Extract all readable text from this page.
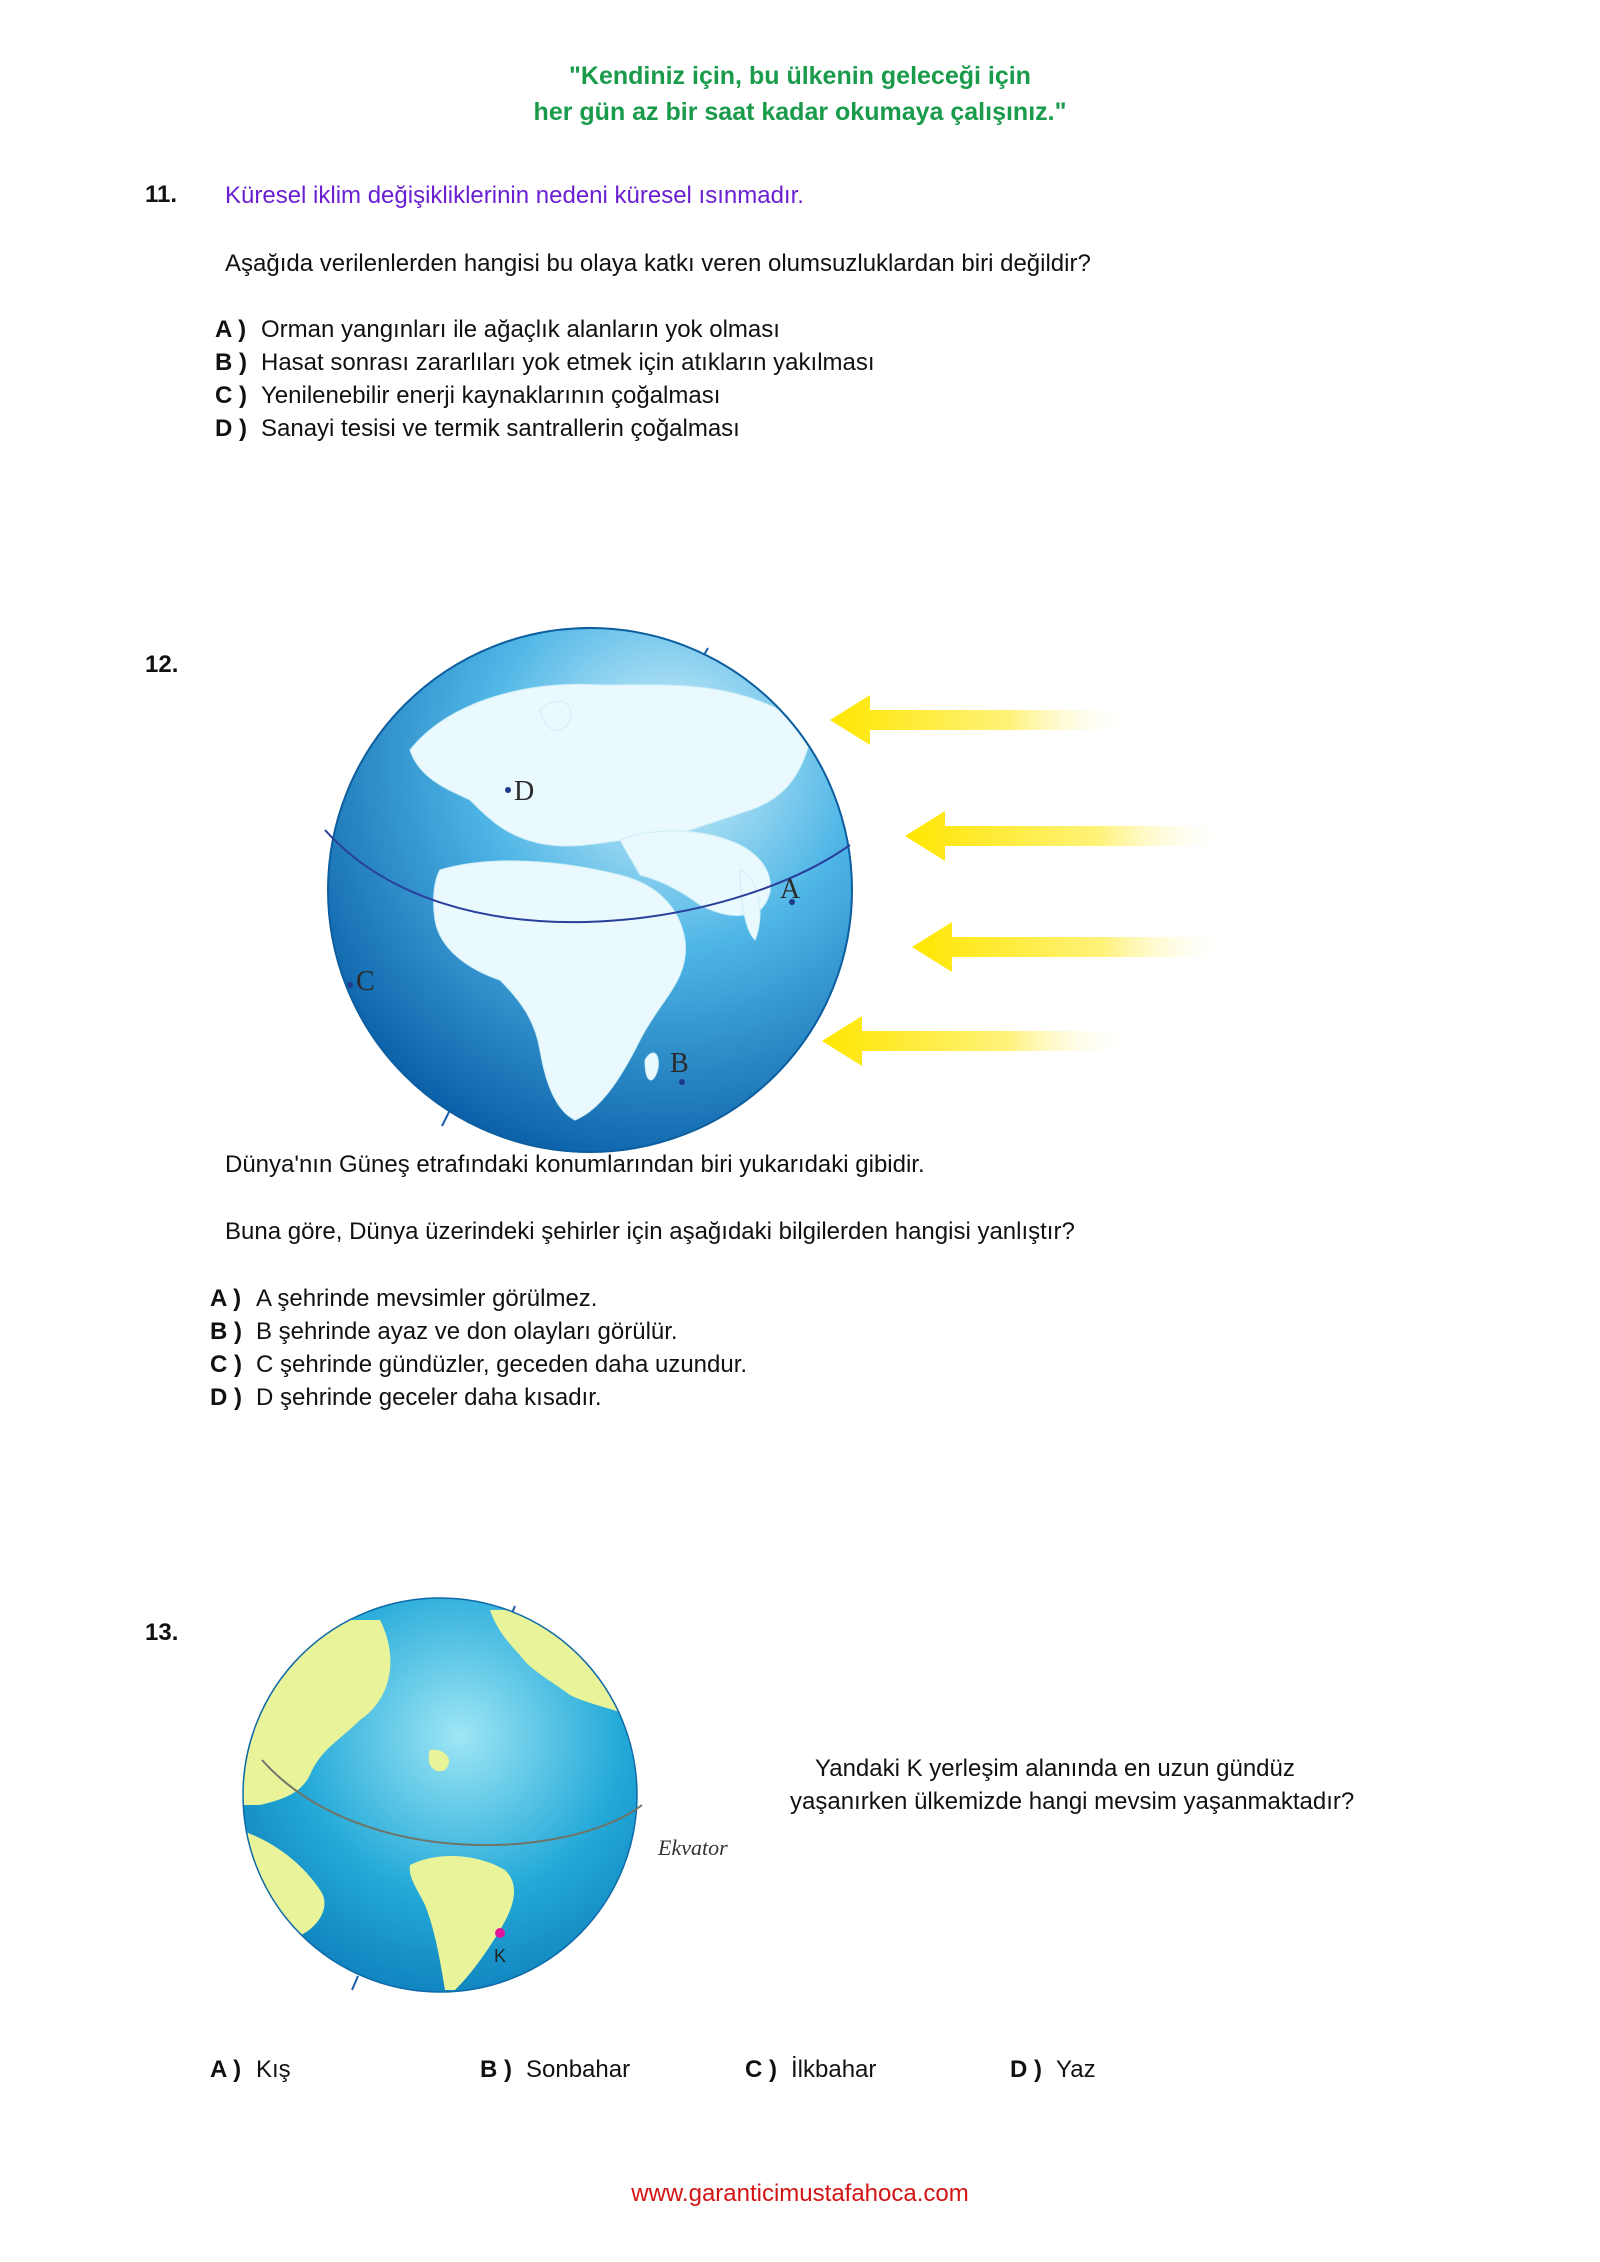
"Kendiniz için, bu ülkenin geleceği için
her gün az bir saat kadar okumaya çalışınız."
11. Küresel iklim değişikliklerinin nedeni küresel ısınmadır.
Aşağıda verilenlerden hangisi bu olaya katkı veren olumsuzluklardan biri değildir?
A ) Orman yangınları ile ağaçlık alanların yok olması
B ) Hasat sonrası zararlıları yok etmek için atıkların yakılması
C ) Yenilenebilir enerji kaynaklarının çoğalması
D ) Sanayi tesisi ve termik santrallerin çoğalması
12.
D
A
C
B
Dünya'nın Güneş etrafındaki konumlarından biri yukarıdaki gibidir.
Buna göre, Dünya üzerindeki şehirler için aşağıdaki bilgilerden hangisi yanlıştır?
A ) A şehrinde mevsimler görülmez.
B ) B şehrinde ayaz ve don olayları görülür.
C ) C şehrinde gündüzler, geceden daha uzundur.
D ) D şehrinde geceler daha kısadır.
13.
Ekvator
K
Yandaki K yerleşim alanında en uzun gündüz
yaşanırken ülkemizde hangi mevsim yaşanmaktadır?
A ) Kış	B ) Sonbahar	C ) İlkbahar	D ) Yaz
www.garanticimustafahoca.com
